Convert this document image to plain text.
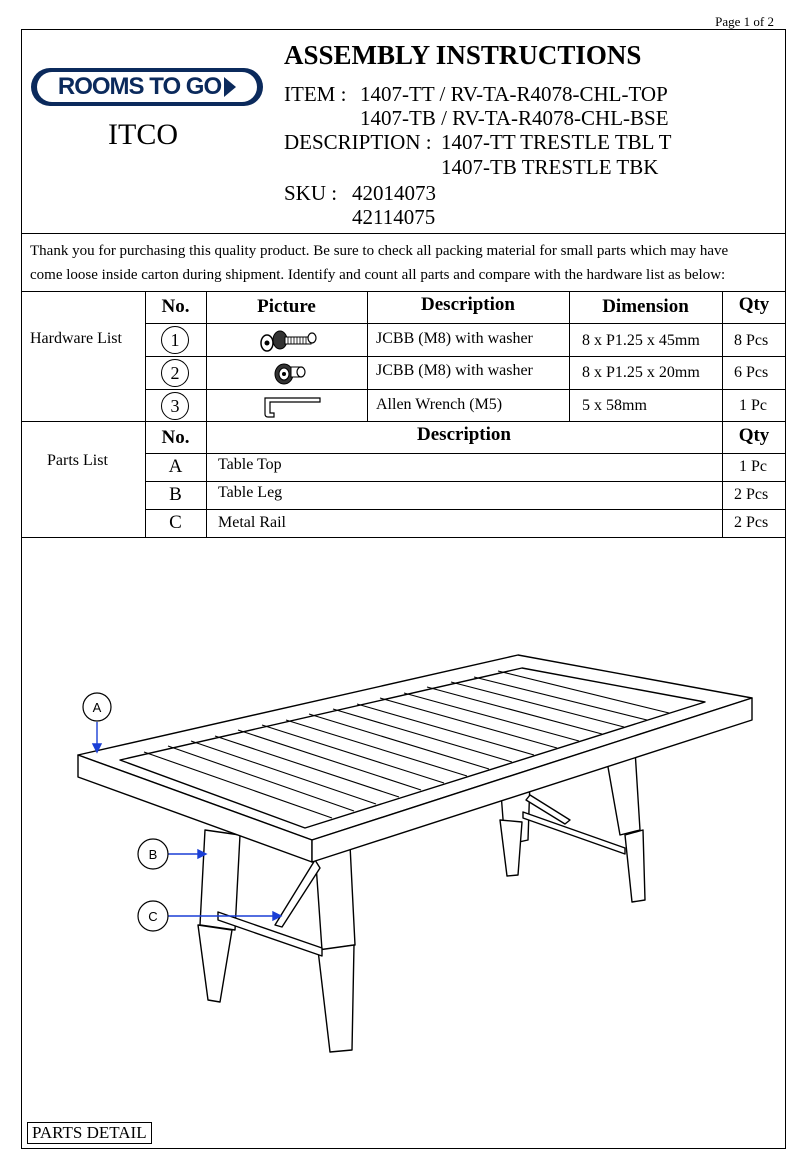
Page 1 of 2
ROOMS TO GO
ITCO
ASSEMBLY INSTRUCTIONS
ITEM : 1407-TT / RV-TA-R4078-CHL-TOP
1407-TB / RV-TA-R4078-CHL-BSE
DESCRIPTION : 1407-TT TRESTLE TBL T
1407-TB TRESTLE TBK
SKU : 42014073
42114075
Thank you for purchasing this quality product. Be sure to check all packing material for small parts which may have
come loose inside carton during shipment. Identify and count all parts and compare with the hardware list as below:
Hardware List
No.	Picture	Description	Dimension	Qty
1	JCBB (M8) with washer	8 x P1.25 x 45mm 8 Pcs
2	JCBB (M8) with washer	8 x P1.25 x 20mm 6 Pcs
3	Allen Wrench (M5)	5 x 58mm	1 Pc
Parts List
No.	Description	Qty
A	Table Top	1 Pc
B	Table Leg	2 Pcs
C	Metal Rail	2 Pcs
A
B
C
PARTS DETAIL
